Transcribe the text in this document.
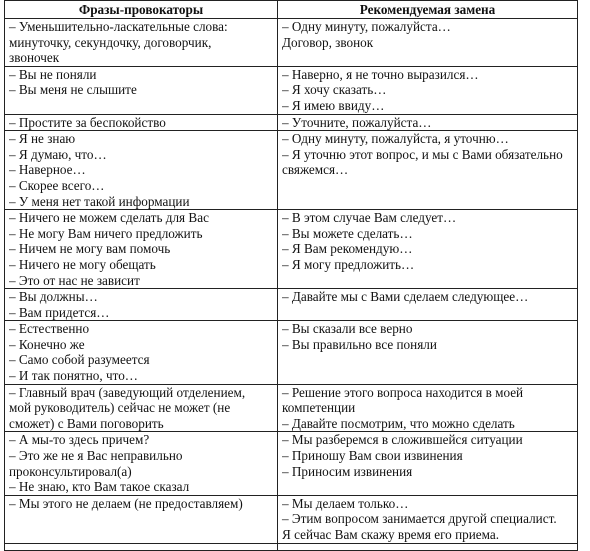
Фразы-провокаторы	Рекомендуемая замена

– Уменьшительно-ласкательные слова:
минуточку, секундочку, договорчик,
звоночек	– Одну минуту, пожалуйста…
Договор, звонок

– Вы не поняли
– Вы меня не слышите	– Наверно, я не точно выразился…
– Я хочу сказать…
– Я имею ввиду…

– Простите за беспокойство	– Уточните, пожалуйста…

– Я не знаю
– Я думаю, что…
– Наверное…
– Скорее всего…
– У меня нет такой информации	– Одну минуту, пожалуйста, я уточню…
– Я уточню этот вопрос, и мы с Вами обязательно
свяжемся…

– Ничего не можем сделать для Вас
– Не могу Вам ничего предложить
– Ничем не могу вам помочь
– Ничего не могу обещать
– Это от нас не зависит	– В этом случае Вам следует…
– Вы можете сделать…
– Я Вам рекомендую…
– Я могу предложить…

– Вы должны…
– Вам придется…	– Давайте мы с Вами сделаем следующее…

– Естественно
– Конечно же
– Само собой разумеется
– И так понятно, что…	– Вы сказали все верно
– Вы правильно все поняли

– Главный врач (заведующий отделением,
мой руководитель) сейчас не может (не
сможет) с Вами поговорить	– Решение этого вопроса находится в моей
компетенции
– Давайте посмотрим, что можно сделать

– А мы-то здесь причем?
– Это же не я Вас неправильно
проконсультировал(а)
– Не знаю, кто Вам такое сказал	– Мы разберемся в сложившейся ситуации
– Приношу Вам свои извинения
– Приносим извинения

– Мы этого не делаем (не предоставляем)	– Мы делаем только…
– Этим вопросом занимается другой специалист.
Я сейчас Вам скажу время его приема.
